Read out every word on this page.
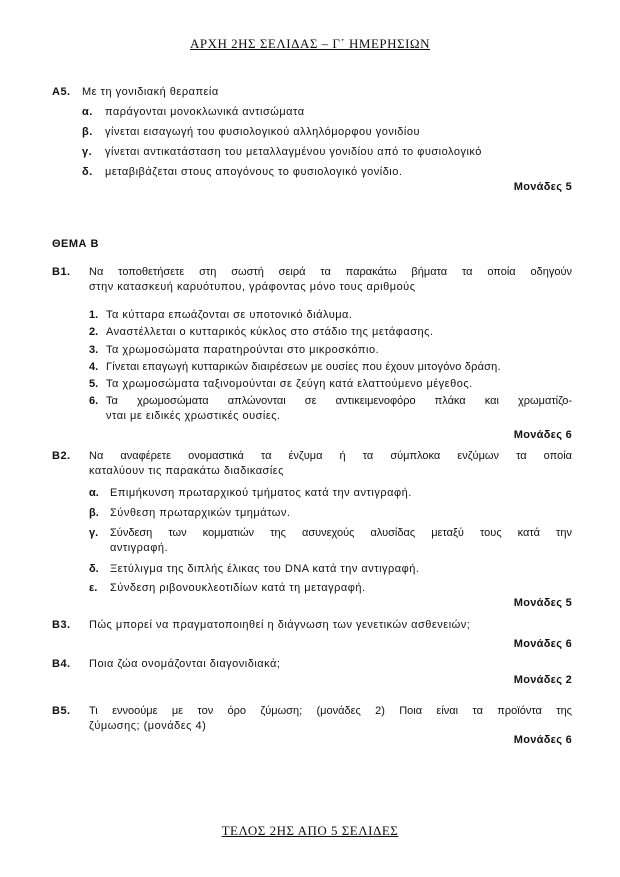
ΑΡΧΗ 2ΗΣ ΣΕΛΙΔΑΣ – Γ΄ ΗΜΕΡΗΣΙΩΝ
Α5. Με τη γονιδιακή θεραπεία
α. παράγονται μονοκλωνικά αντισώματα
β. γίνεται εισαγωγή του φυσιολογικού αλληλόμορφου γονιδίου
γ. γίνεται αντικατάσταση του μεταλλαγμένου γονιδίου από το φυσιολογικό
δ. μεταβιβάζεται στους απογόνους το φυσιολογικό γονίδιο.
Μονάδες 5
ΘΕΜΑ Β
Β1. Να τοποθετήσετε στη σωστή σειρά τα παρακάτω βήματα τα οποία οδηγούν
στην κατασκευή καρυότυπου, γράφοντας μόνο τους αριθμούς
1. Τα κύτταρα επωάζονται σε υποτονικό διάλυμα.
2. Αναστέλλεται ο κυτταρικός κύκλος στο στάδιο της μετάφασης.
3. Τα χρωμοσώματα παρατηρούνται στο μικροσκόπιο.
4. Γίνεται επαγωγή κυτταρικών διαιρέσεων με ουσίες που έχουν μιτογόνο δράση.
5. Τα χρωμοσώματα ταξινομούνται σε ζεύγη κατά ελαττούμενο μέγεθος.
6. Τα χρωμοσώματα απλώνονται σε αντικειμενοφόρο πλάκα και χρωματίζο-
νται με ειδικές χρωστικές ουσίες.
Μονάδες 6
Β2. Να αναφέρετε ονομαστικά τα ένζυμα ή τα σύμπλοκα ενζύμων τα οποία
καταλύουν τις παρακάτω διαδικασίες
α. Επιμήκυνση πρωταρχικού τμήματος κατά την αντιγραφή.
β. Σύνθεση πρωταρχικών τμημάτων.
γ. Σύνδεση των κομματιών της ασυνεχούς αλυσίδας μεταξύ τους κατά την
αντιγραφή.
δ. Ξετύλιγμα της διπλής έλικας του DNA κατά την αντιγραφή.
ε. Σύνδεση ριβονουκλεοτιδίων κατά τη μεταγραφή.
Μονάδες 5
Β3. Πώς μπορεί να πραγματοποιηθεί η διάγνωση των γενετικών ασθενειών;
Μονάδες 6
Β4. Ποια ζώα ονομάζονται διαγονιδιακά;
Μονάδες 2
Β5. Τι εννοούμε με τον όρο ζύμωση; (μονάδες 2) Ποια είναι τα προϊόντα της
ζύμωσης; (μονάδες 4)
Μονάδες 6
ΤΕΛΟΣ 2ΗΣ ΑΠΟ 5 ΣΕΛΙΔΕΣ
